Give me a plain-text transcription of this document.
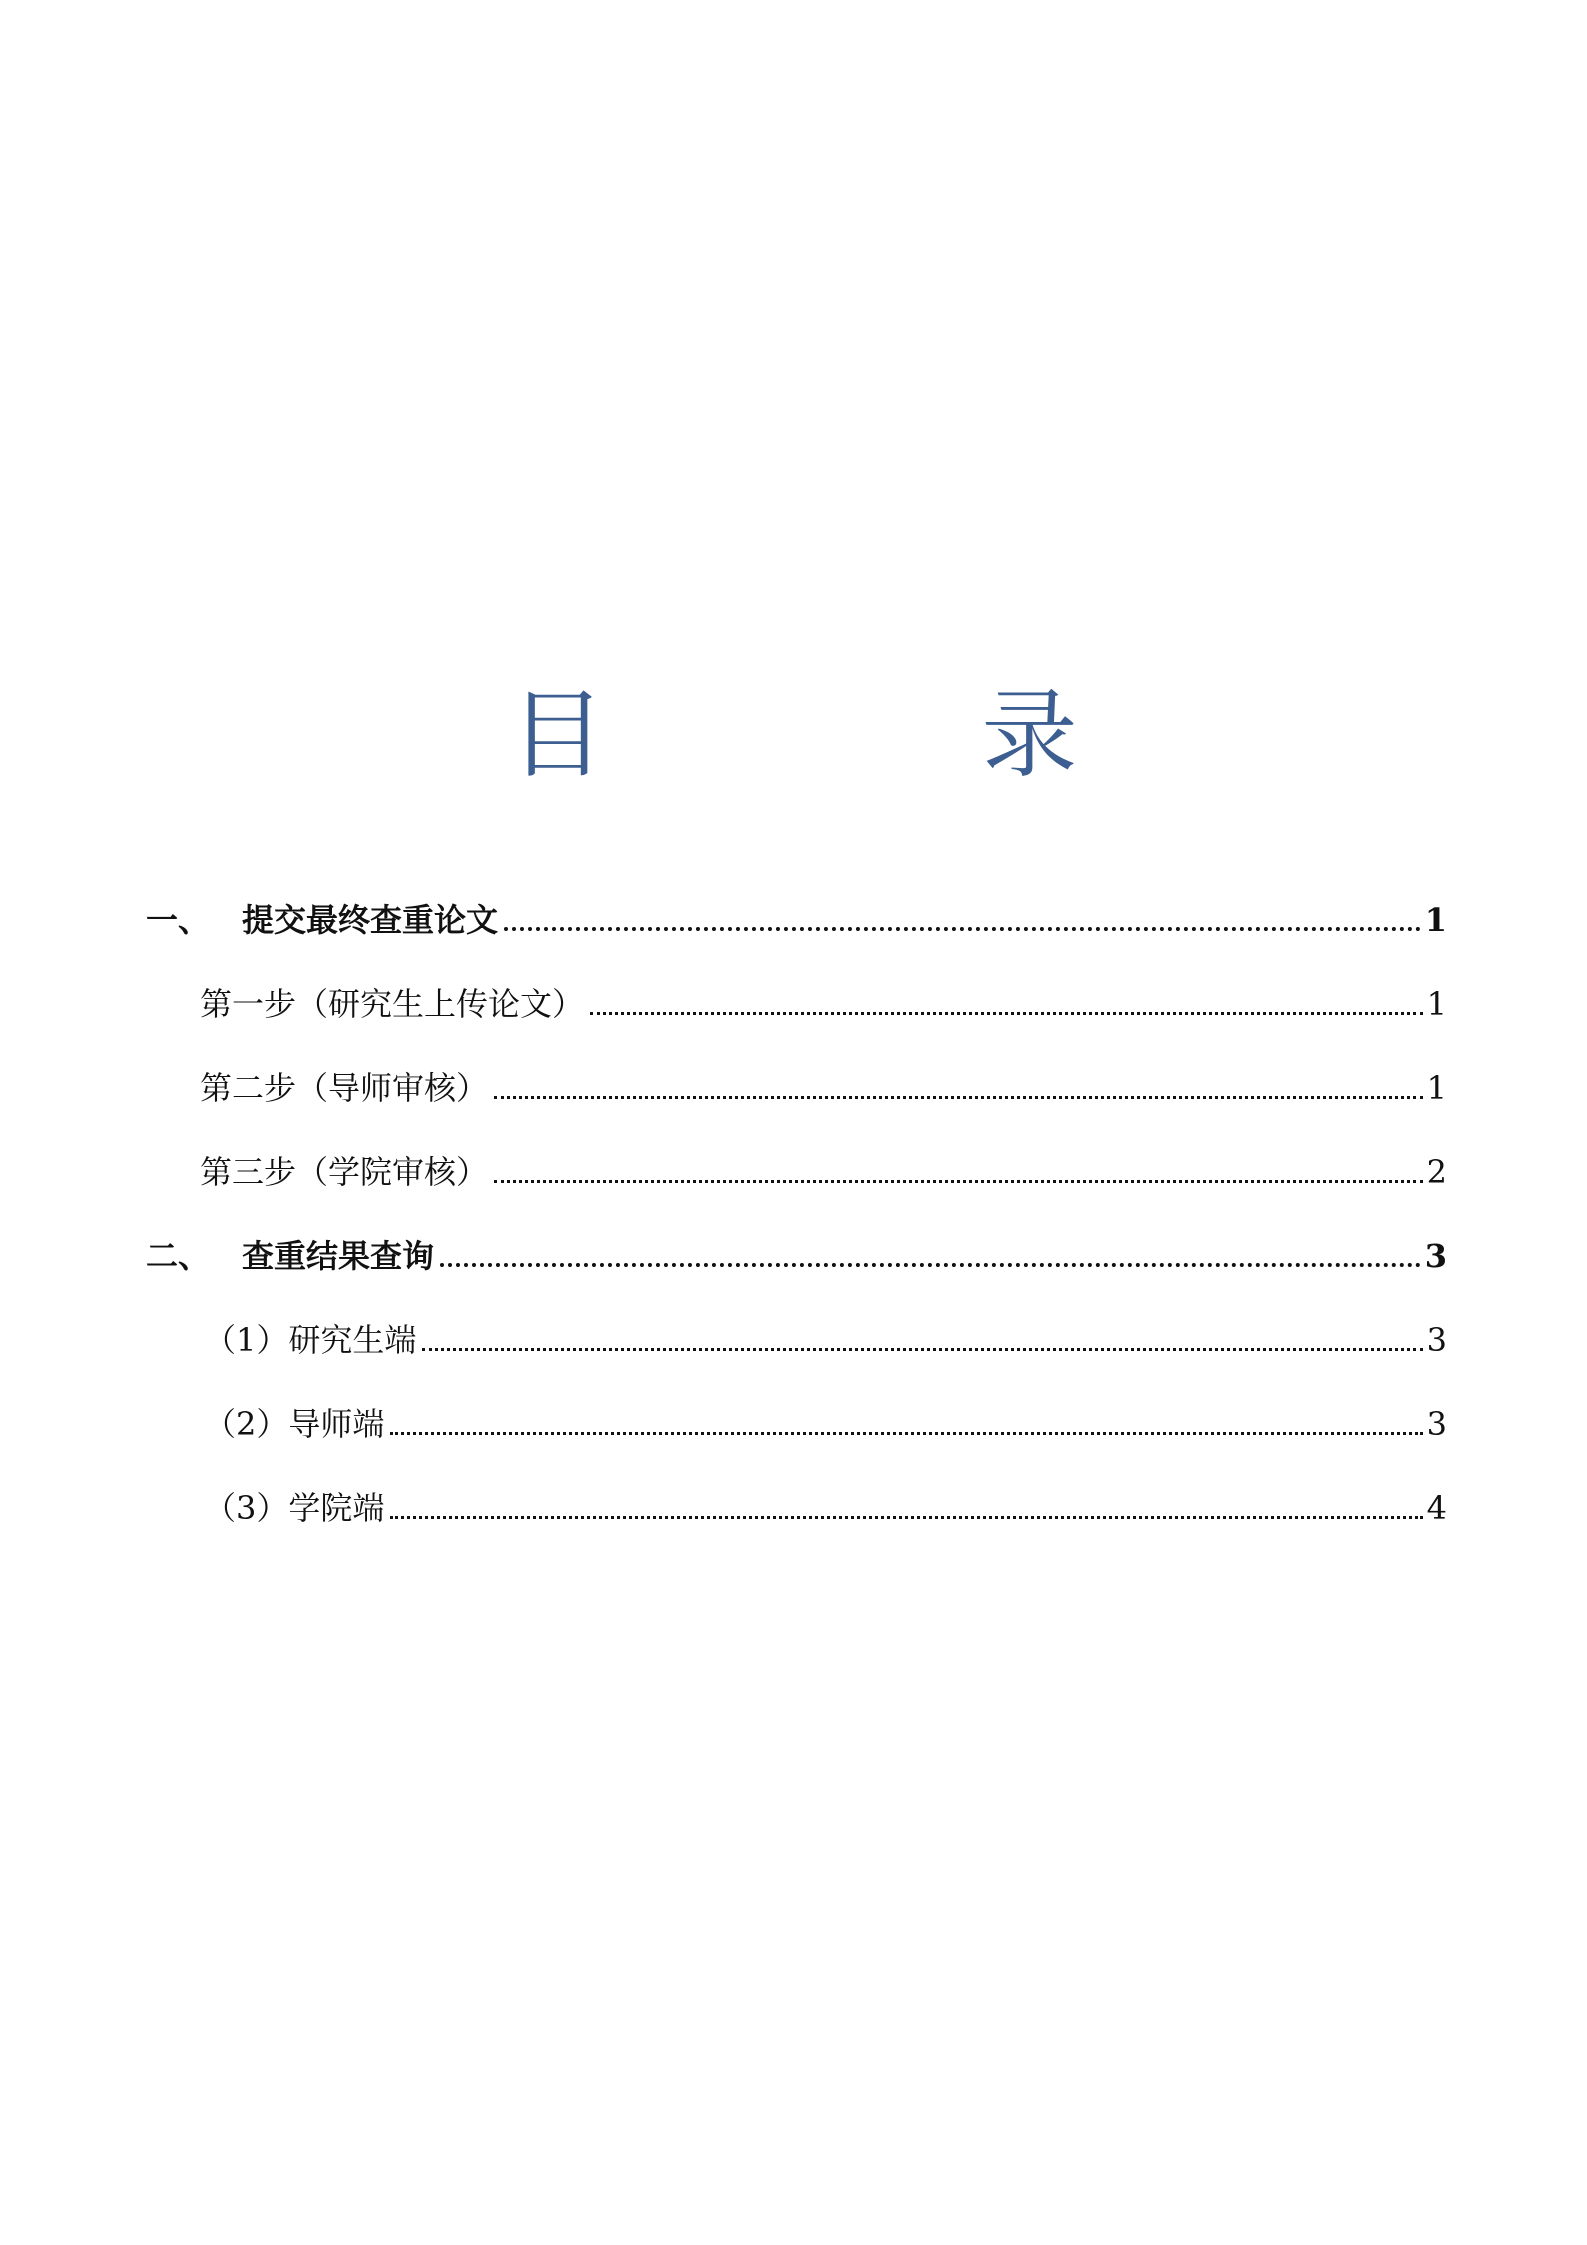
目　录
一、 提交最终查重论文	1
第一步（研究生上传论文）	1
第二步（导师审核）	1
第三步（学院审核）	2
二、 查重结果查询	3
（1）研究生端	3
（2）导师端	3
（3）学院端	4
